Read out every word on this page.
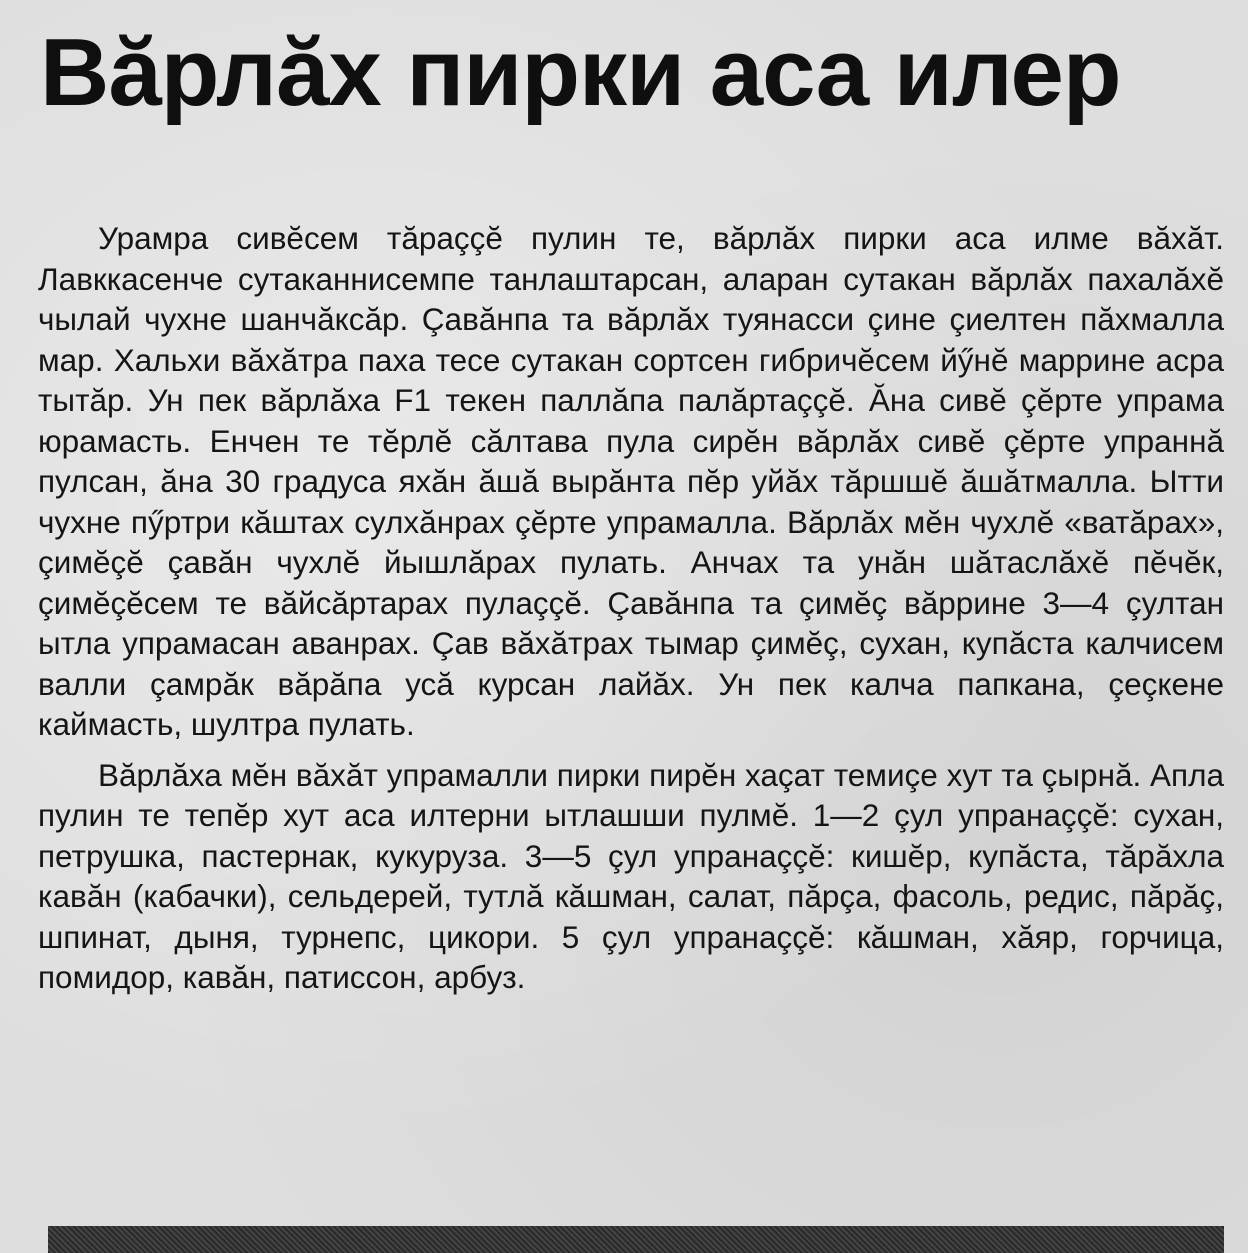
Вăрлăх пирки аса илер

Урамра сивĕсем тăраççĕ пулин те, вăрлăх пирки аса илме вăхăт. Лавккасенче сутаканнисемпе танлаштарсан, аларан сутакан вăрлăх пахалăхĕ чылай чухне шанчăксăр. Çавăнпа та вăрлăх туянасси çине çиелтен пăхмалла мар. Хальхи вăхăтра паха тесе сутакан сортсен гибричĕсем йӳнĕ маррине асра тытăр. Ун пек вăрлăха F1 текен паллăпа палăртаççĕ. Ăна сивĕ çĕрте упрама юрамасть. Енчен те тĕрлĕ сăлтава пула сирĕн вăрлăх сивĕ çĕрте упраннă пулсан, ăна 30 градуса яхăн ăшă вырăнта пĕр уйăх тăршшĕ ăшăтмалла. Ытти чухне пӳртри кăштах сулхăнрах çĕрте упрамалла. Вăрлăх мĕн чухлĕ «ватăрах», çимĕçĕ çавăн чухлĕ йышлăрах пулать. Анчах та унăн шăтаслăхĕ пĕчĕк, çимĕçĕсем те вăйсăртарах пулаççĕ. Çавăнпа та çимĕç вăррине 3—4 çултан ытла упрамасан аванрах. Çав вăхăтрах тымар çимĕç, сухан, купăста калчисем валли çамрăк вăрăпа усă курсан лайăх. Ун пек калча папкана, çеçкене каймасть, шултра пулать.

Вăрлăха мĕн вăхăт упрамалли пирки пирĕн хаçат темиçе хут та çырнă. Апла пулин те тепĕр хут аса илтерни ытлашши пулмĕ. 1—2 çул упранаççĕ: сухан, петрушка, пастернак, кукуруза. 3—5 çул упранаççĕ: кишĕр, купăста, тăрăхла кавăн (кабачки), сельдерей, тутлă кăшман, салат, пăрçа, фасоль, редис, пăрăç, шпинат, дыня, турнепс, цикори. 5 çул упранаççĕ: кăшман, хăяр, горчица, помидор, кавăн, патиссон, арбуз.
